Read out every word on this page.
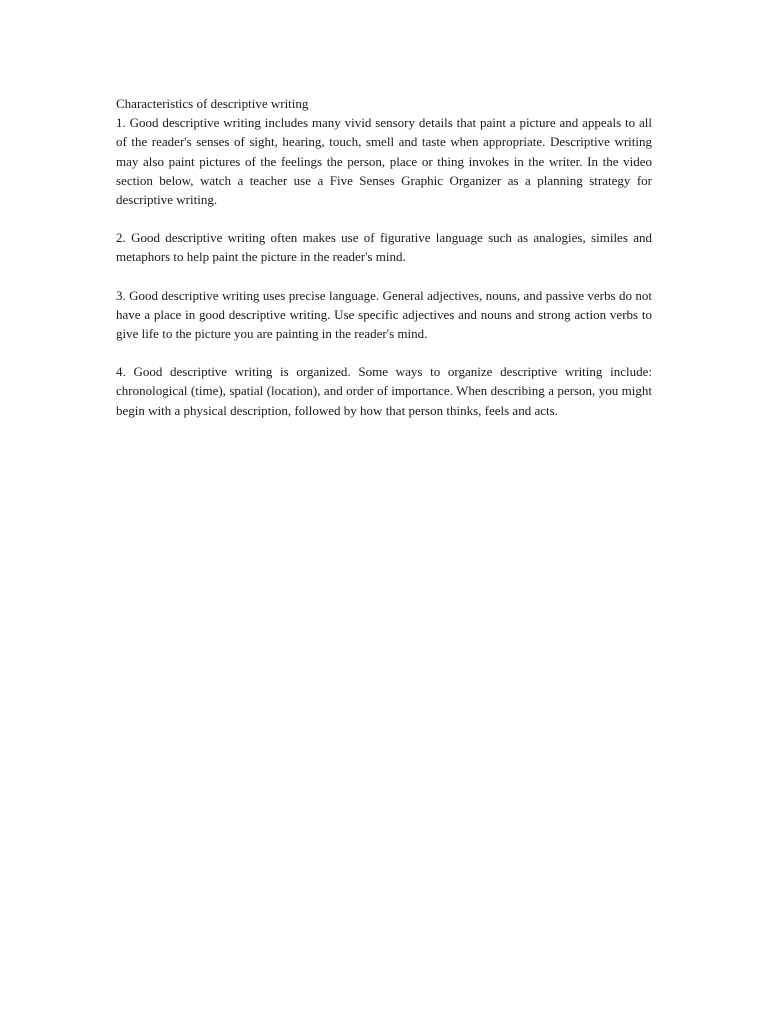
Characteristics of descriptive writing

1. Good descriptive writing includes many vivid sensory details that paint a picture and appeals to all of the reader's senses of sight, hearing, touch, smell and taste when appropriate. Descriptive writing may also paint pictures of the feelings the person, place or thing invokes in the writer. In the video section below, watch a teacher use a Five Senses Graphic Organizer as a planning strategy for descriptive writing.

2. Good descriptive writing often makes use of figurative language such as analogies, similes and metaphors to help paint the picture in the reader's mind.

3. Good descriptive writing uses precise language. General adjectives, nouns, and passive verbs do not have a place in good descriptive writing. Use specific adjectives and nouns and strong action verbs to give life to the picture you are painting in the reader's mind.

4. Good descriptive writing is organized. Some ways to organize descriptive writing include: chronological (time), spatial (location), and order of importance. When describing a person, you might begin with a physical description, followed by how that person thinks, feels and acts.
